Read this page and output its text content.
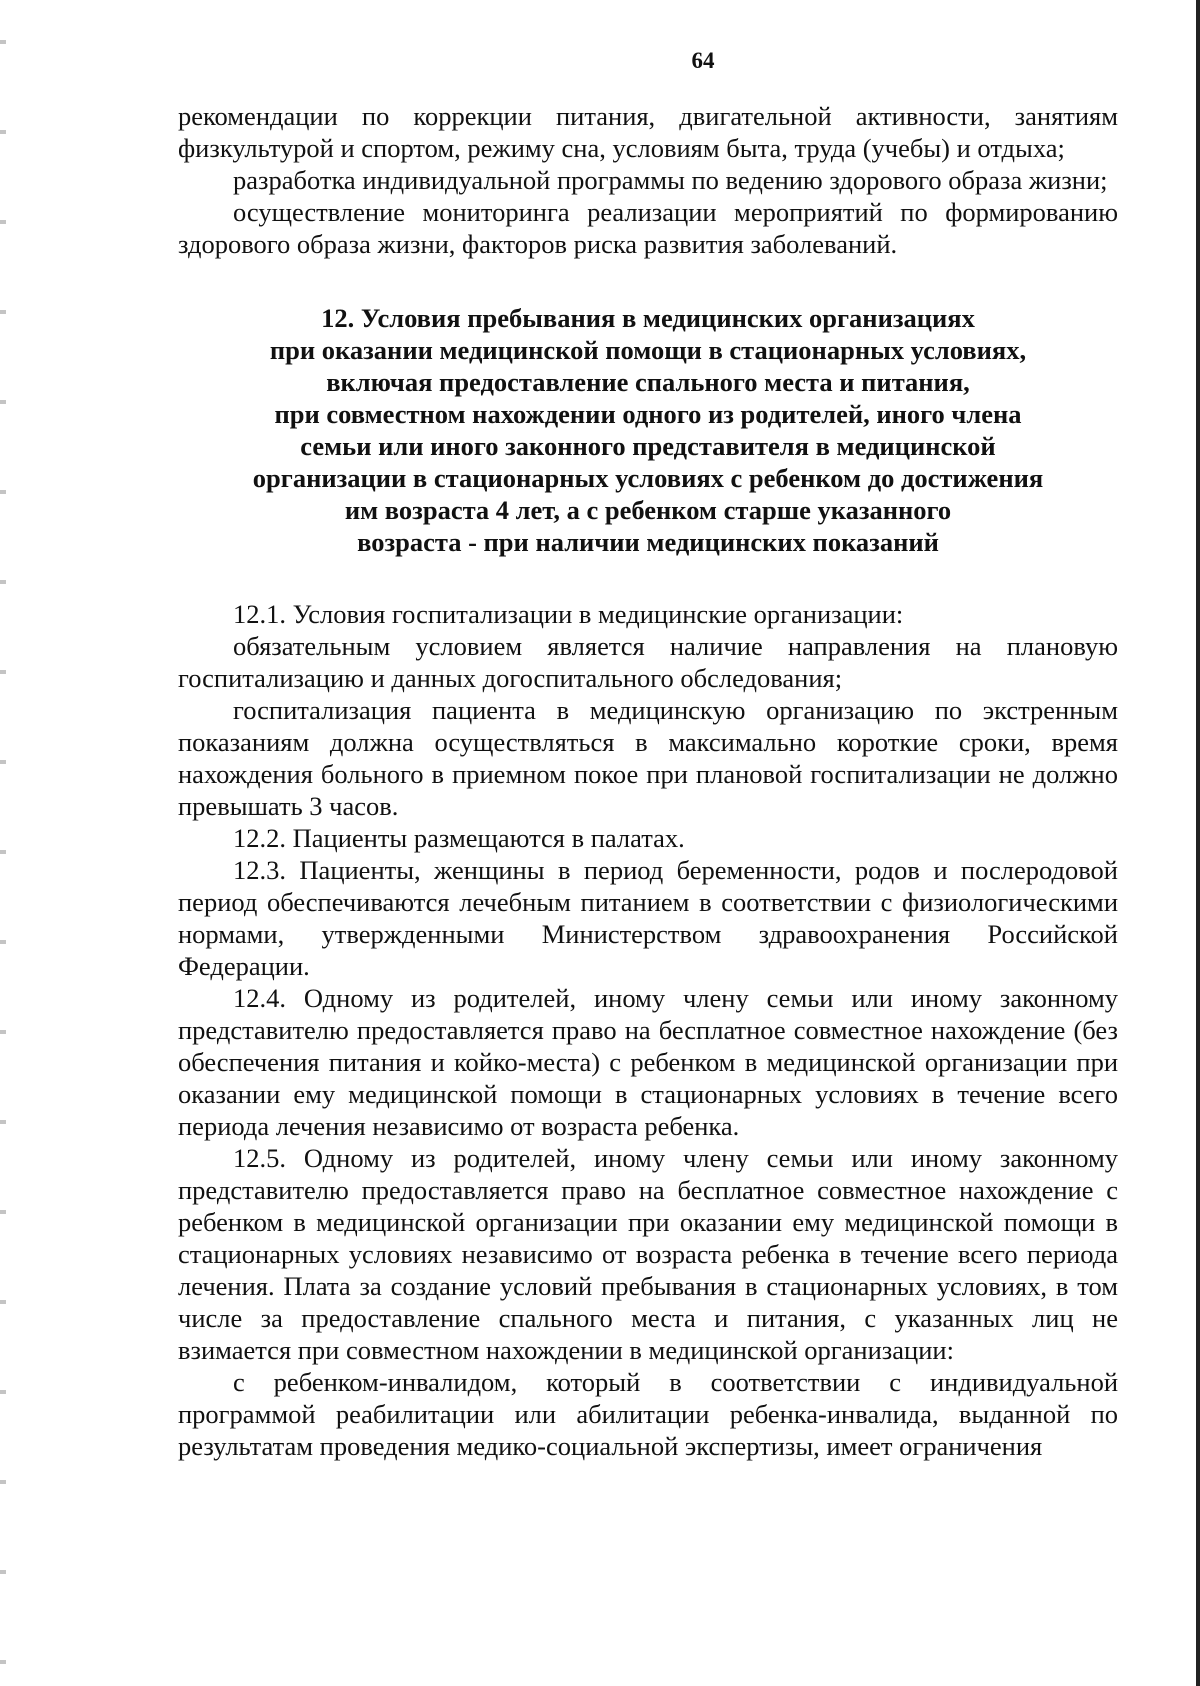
64

рекомендации по коррекции питания, двигательной активности, занятиям физкультурой и спортом, режиму сна, условиям быта, труда (учебы) и отдыха;

разработка индивидуальной программы по ведению здорового образа жизни;

осуществление мониторинга реализации мероприятий по формированию здорового образа жизни, факторов риска развития заболеваний.

12. Условия пребывания в медицинских организациях
при оказании медицинской помощи в стационарных условиях,
включая предоставление спального места и питания,
при совместном нахождении одного из родителей, иного члена
семьи или иного законного представителя в медицинской
организации в стационарных условиях с ребенком до достижения
им возраста 4 лет, а с ребенком старше указанного
возраста - при наличии медицинских показаний

12.1. Условия госпитализации в медицинские организации:

обязательным условием является наличие направления на плановую госпитализацию и данных догоспитального обследования;

госпитализация пациента в медицинскую организацию по экстренным показаниям должна осуществляться в максимально короткие сроки, время нахождения больного в приемном покое при плановой госпитализации не должно превышать 3 часов.

12.2. Пациенты размещаются в палатах.

12.3. Пациенты, женщины в период беременности, родов и послеродовой период обеспечиваются лечебным питанием в соответствии с физиологическими нормами, утвержденными Министерством здравоохранения Российской Федерации.

12.4. Одному из родителей, иному члену семьи или иному законному представителю предоставляется право на бесплатное совместное нахождение (без обеспечения питания и койко-места) с ребенком в медицинской организации при оказании ему медицинской помощи в стационарных условиях в течение всего периода лечения независимо от возраста ребенка.

12.5. Одному из родителей, иному члену семьи или иному законному представителю предоставляется право на бесплатное совместное нахождение с ребенком в медицинской организации при оказании ему медицинской помощи в стационарных условиях независимо от возраста ребенка в течение всего периода лечения. Плата за создание условий пребывания в стационарных условиях, в том числе за предоставление спального места и питания, с указанных лиц не взимается при совместном нахождении в медицинской организации:

с ребенком-инвалидом, который в соответствии с индивидуальной программой реабилитации или абилитации ребенка-инвалида, выданной по результатам проведения медико-социальной экспертизы, имеет ограничения
